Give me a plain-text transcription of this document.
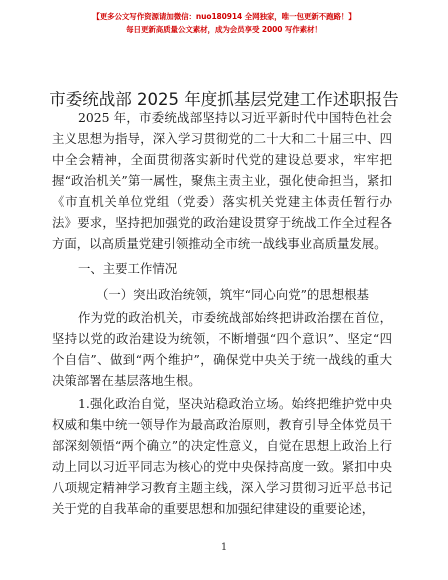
【更多公文写作资源请加微信：nuo180914 全网独家，唯一包更新不跑路！】
每日更新高质量公文素材，成为会员享受 2000 写作素材！
市委统战部 2025 年度抓基层党建工作述职报告

2025 年，市委统战部坚持以习近平新时代中国特色社会主义思想为指导，深入学习贯彻党的二十大和二十届三中、四中全会精神，全面贯彻落实新时代党的建设总要求，牢牢把握“政治机关”第一属性，聚焦主责主业，强化使命担当，紧扣《市直机关单位党组（党委）落实机关党建主体责任暂行办法》要求，坚持把加强党的政治建设贯穿于统战工作全过程各方面，以高质量党建引领推动全市统一战线事业高质量发展。

一、主要工作情况

（一）突出政治统领，筑牢“同心向党”的思想根基

作为党的政治机关，市委统战部始终把讲政治摆在首位，坚持以党的政治建设为统领，不断增强“四个意识”、坚定“四个自信”、做到“两个维护”，确保党中央关于统一战线的重大决策部署在基层落地生根。

1.强化政治自觉，坚决站稳政治立场。始终把维护党中央权威和集中统一领导作为最高政治原则，教育引导全体党员干部深刻领悟“两个确立”的决定性意义，自觉在思想上政治上行动上同以习近平同志为核心的党中央保持高度一致。紧扣中央八项规定精神学习教育主题主线，深入学习贯彻习近平总书记关于党的自我革命的重要思想和加强纪律建设的重要论述，

1
